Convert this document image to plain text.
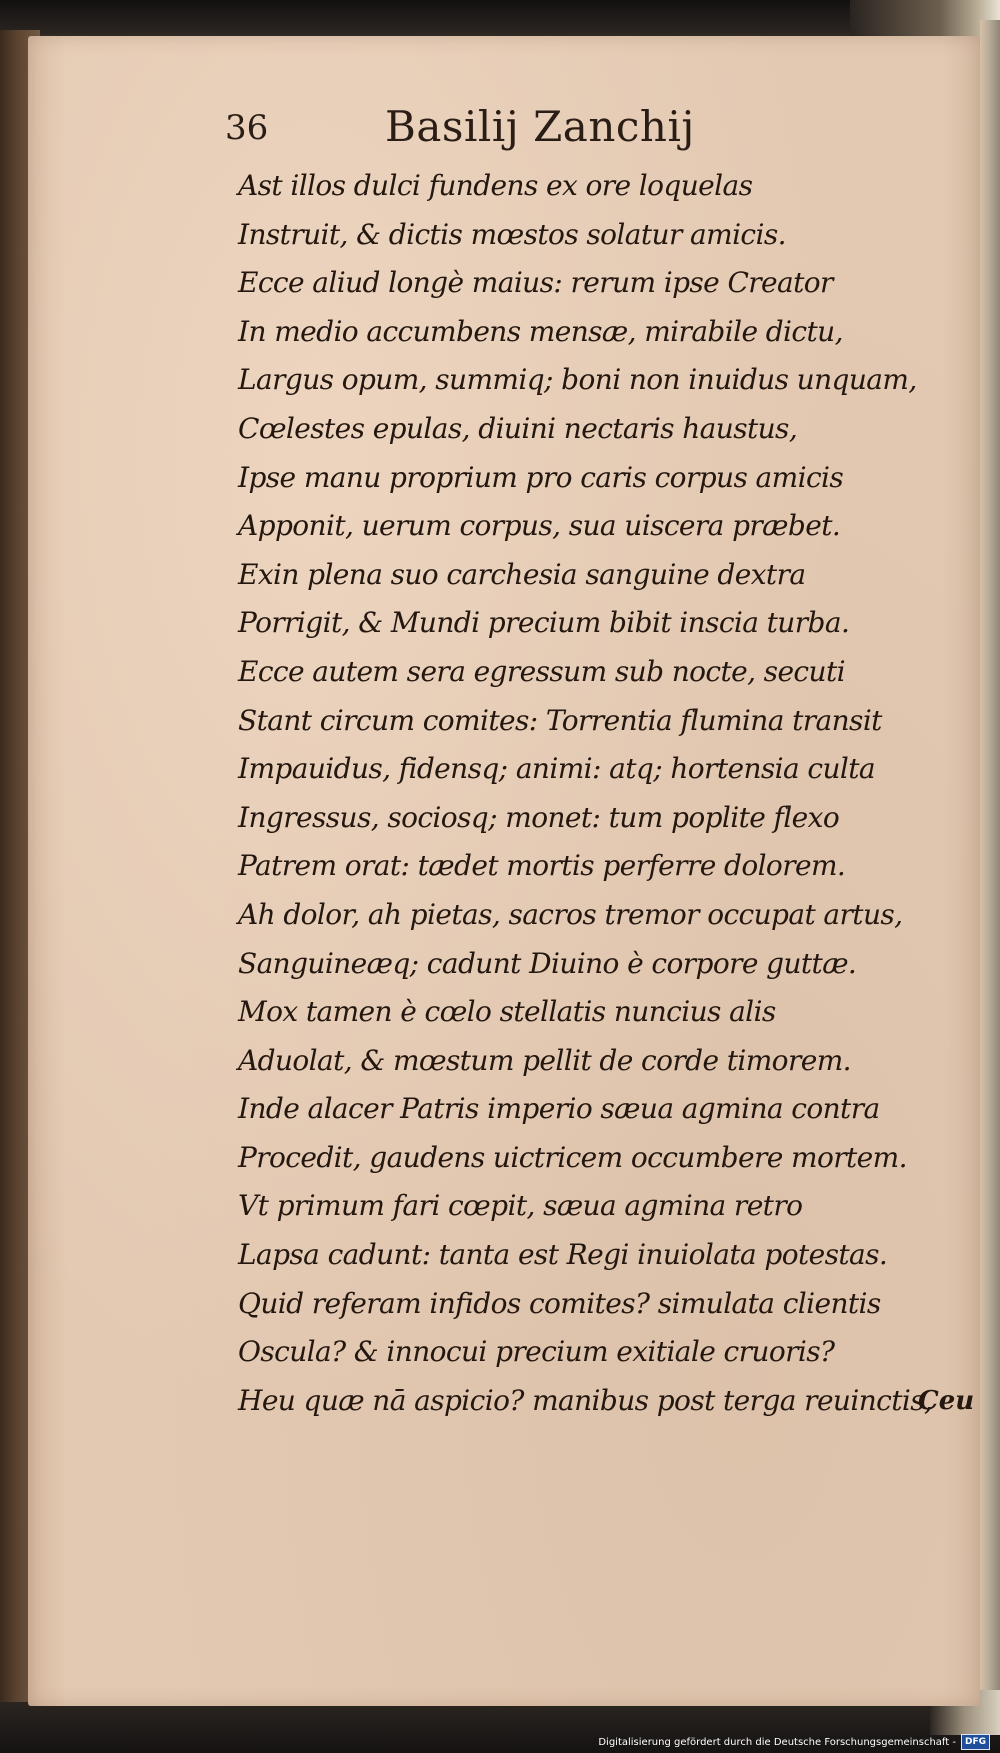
36	Basilij Zanchij
Ast illos dulci fundens ex ore loquelas
Instruit, & dictis mœstos solatur amicis.
Ecce aliud longè maius: rerum ipse Creator
In medio accumbens mensæ, mirabile dictu,
Largus opum, summiq; boni non inuidus unquam,
Cœlestes epulas, diuini nectaris haustus,
Ipse manu proprium pro caris corpus amicis
Apponit, uerum corpus, sua uiscera præbet.
Exin plena suo carchesia sanguine dextra
Porrigit, & Mundi precium bibit inscia turba.
Ecce autem sera egressum sub nocte, secuti
Stant circum comites: Torrentia flumina transit
Impauidus, fidensq; animi: atq; hortensia culta
Ingressus, sociosq; monet: tum poplite flexo
Patrem orat: tædet mortis perferre dolorem.
Ah dolor, ah pietas, sacros tremor occupat artus,
Sanguineæq; cadunt Diuino è corpore guttæ.
Mox tamen è cœlo stellatis nuncius alis
Aduolat, & mœstum pellit de corde timorem.
Inde alacer Patris imperio sæua agmina contra
Procedit, gaudens uictricem occumbere mortem.
Vt primum fari cœpit, sæua agmina retro
Lapsa cadunt: tanta est Regi inuiolata potestas.
Quid referam infidos comites? simulata clientis
Oscula? & innocui precium exitiale cruoris?
Heu quæ nā aspicio? manibus post terga reuinctis,
Ceu
Digitalisierung gefördert durch die Deutsche Forschungsgemeinschaft -	DFG
